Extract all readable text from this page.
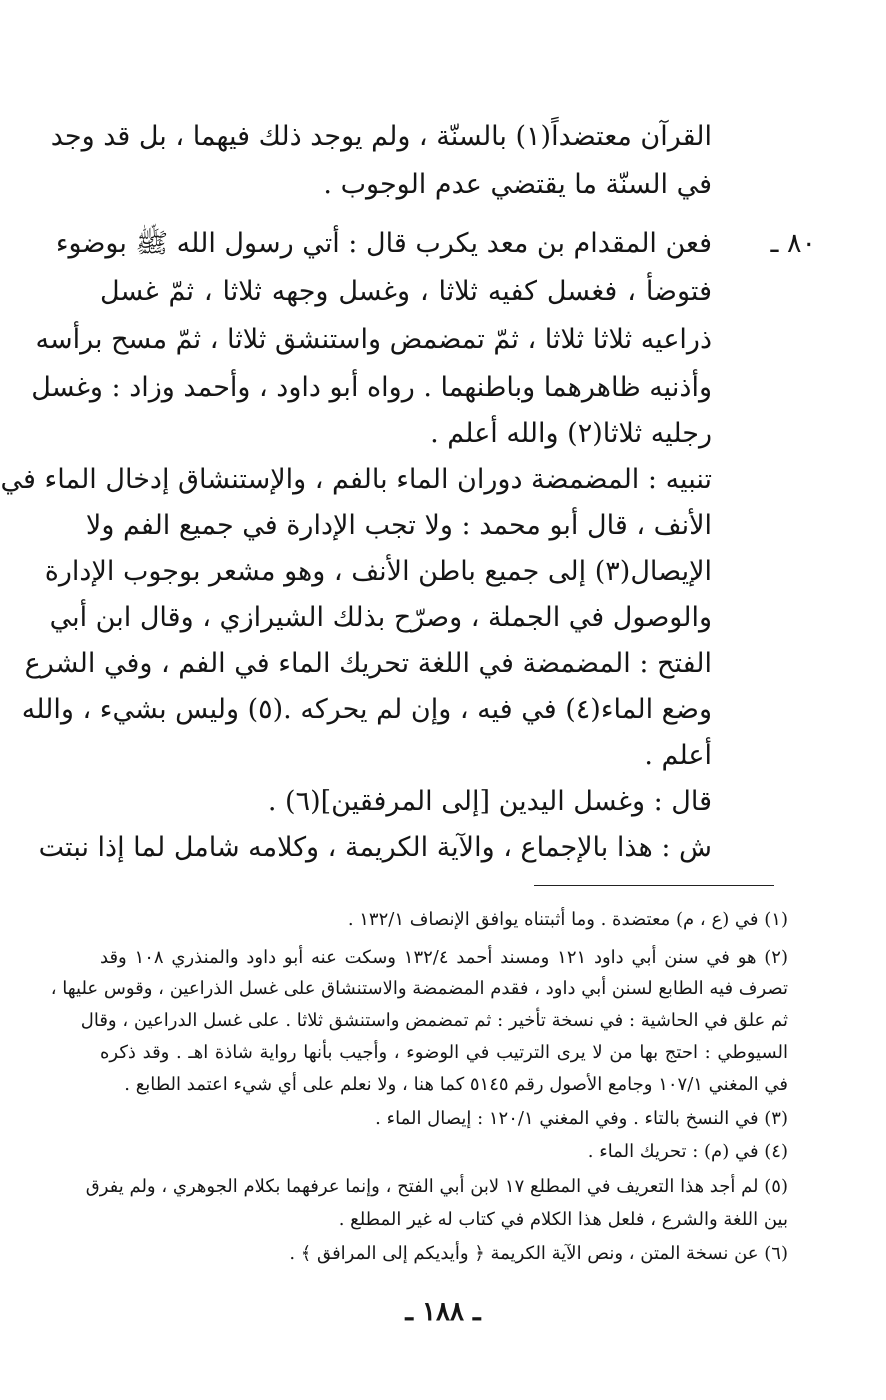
القرآن معتضداً(١) بالسنّة ، ولم يوجد ذلك فيهما ، بل قد وجد
في السنّة ما يقتضي عدم الوجوب .
٨٠ ـ
فعن المقدام بن معد يكرب قال : أتي رسول الله ﷺ بوضوء
فتوضأ ، فغسل كفيه ثلاثا ، وغسل وجهه ثلاثا ، ثمّ غسل
ذراعيه ثلاثا ثلاثا ، ثمّ تمضمض واستنشق ثلاثا ، ثمّ مسح برأسه
وأذنيه ظاهرهما وباطنهما . رواه أبو داود ، وأحمد وزاد : وغسل
رجليه ثلاثا(٢) والله أعلم .
تنبيه : المضمضة دوران الماء بالفم ، والإستنشاق إدخال الماء في
الأنف ، قال أبو محمد : ولا تجب الإدارة في جميع الفم ولا
الإيصال(٣) إلى جميع باطن الأنف ، وهو مشعر بوجوب الإدارة
والوصول في الجملة ، وصرّح بذلك الشيرازي ، وقال ابن أبي
الفتح : المضمضة في اللغة تحريك الماء في الفم ، وفي الشرع
وضع الماء(٤) في فيه ، وإن لم يحركه .(٥) وليس بشيء ، والله
أعلم .
قال : وغسل اليدين [إلى المرفقين](٦) .
ش : هذا بالإجماع ، والآية الكريمة ، وكلامه شامل لما إذا نبتت
(١) في (ع ، م) معتضدة . وما أثبتناه يوافق الإنصاف ١٣٢/١ .
(٢) هو في سنن أبي داود ١٢١ ومسند أحمد ١٣٢/٤ وسكت عنه أبو داود والمنذري ١٠٨ وقد
تصرف فيه الطابع لسنن أبي داود ، فقدم المضمضة والاستنشاق على غسل الذراعين ، وقوس عليها ،
ثم علق في الحاشية : في نسخة تأخير : ثم تمضمض واستنشق ثلاثا . على غسل الدراعين ، وقال
السيوطي : احتج بها من لا يرى الترتيب في الوضوء ، وأجيب بأنها رواية شاذة اهـ . وقد ذكره
في المغني ١٠٧/١ وجامع الأصول رقم ٥١٤٥ كما هنا ، ولا نعلم على أي شيء اعتمد الطابع .
(٣) في النسخ بالتاء . وفي المغني ١٢٠/١ : إيصال الماء .
(٤) في (م) : تحريك الماء .
(٥) لم أجد هذا التعريف في المطلع ١٧ لابن أبي الفتح ، وإنما عرفهما بكلام الجوهري ، ولم يفرق
بين اللغة والشرع ، فلعل هذا الكلام في كتاب له غير المطلع .
(٦) عن نسخة المتن ، ونص الآية الكريمة ﴿ وأيديكم إلى المرافق ﴾ .
ـ ١٨٨ ـ
